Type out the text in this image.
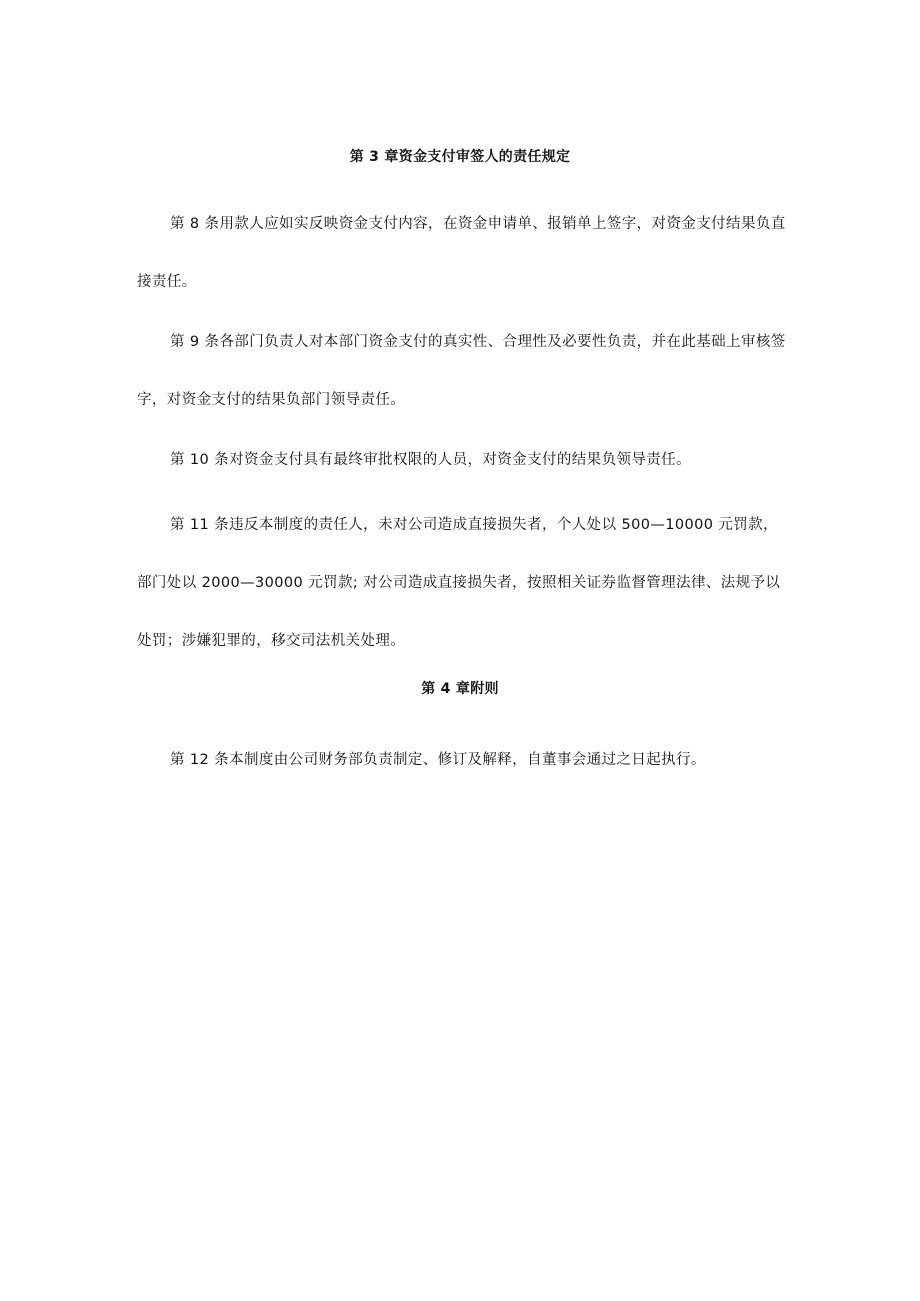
第 3 章资金支付审签人的责任规定

第 8 条用款人应如实反映资金支付内容，在资金申请单、报销单上签字，对资金支付结果负直接责任。

第 9 条各部门负责人对本部门资金支付的真实性、合理性及必要性负责，并在此基础上审核签字，对资金支付的结果负部门领导责任。

第 10 条对资金支付具有最终审批权限的人员，对资金支付的结果负领导责任。

第 11 条违反本制度的责任人，未对公司造成直接损失者，个人处以 500—10000 元罚款，部门处以 2000—30000 元罚款; 对公司造成直接损失者，按照相关证券监督管理法律、法规予以处罚；涉嫌犯罪的，移交司法机关处理。

第 4 章附则

第 12 条本制度由公司财务部负责制定、修订及解释，自董事会通过之日起执行。
